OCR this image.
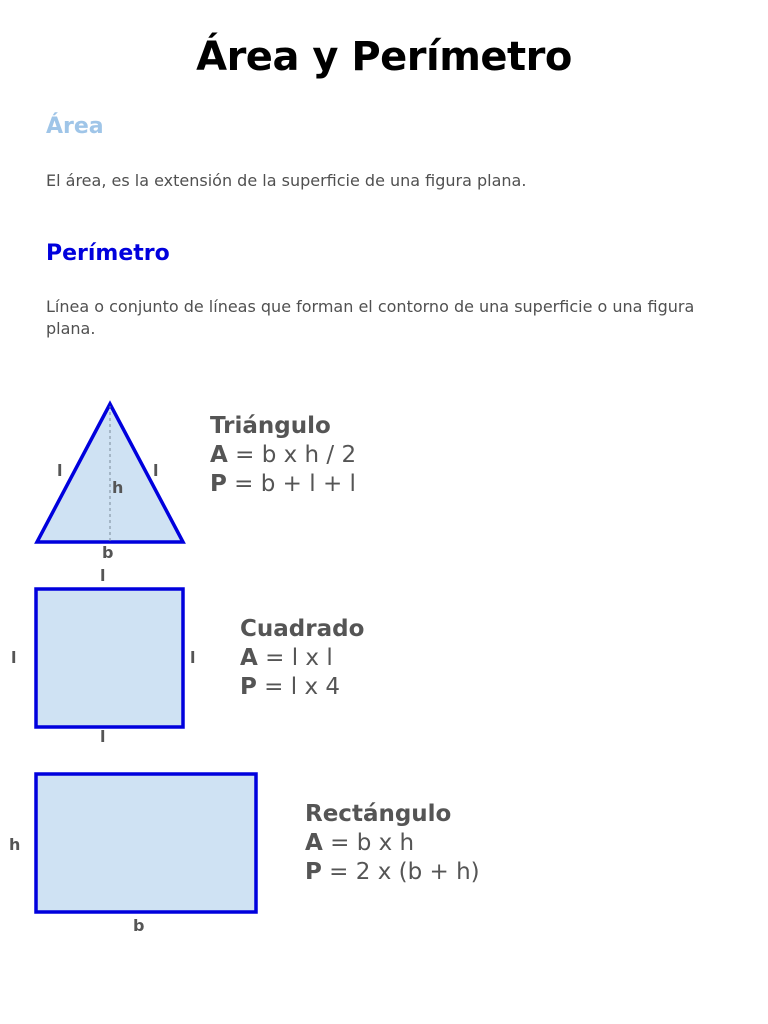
Área y Perímetro
Área
El área, es la extensión de la superficie de una figura plana.
Perímetro
Línea o conjunto de líneas que forman el contorno de una superficie o una figura plana.
l	l
h
b
Triángulo
A = b x h / 2
P = b + l + l
l
l	l
l
Cuadrado
A = l x l
P = l x 4
h
b
Rectángulo
A = b x h
P = 2 x (b + h)
